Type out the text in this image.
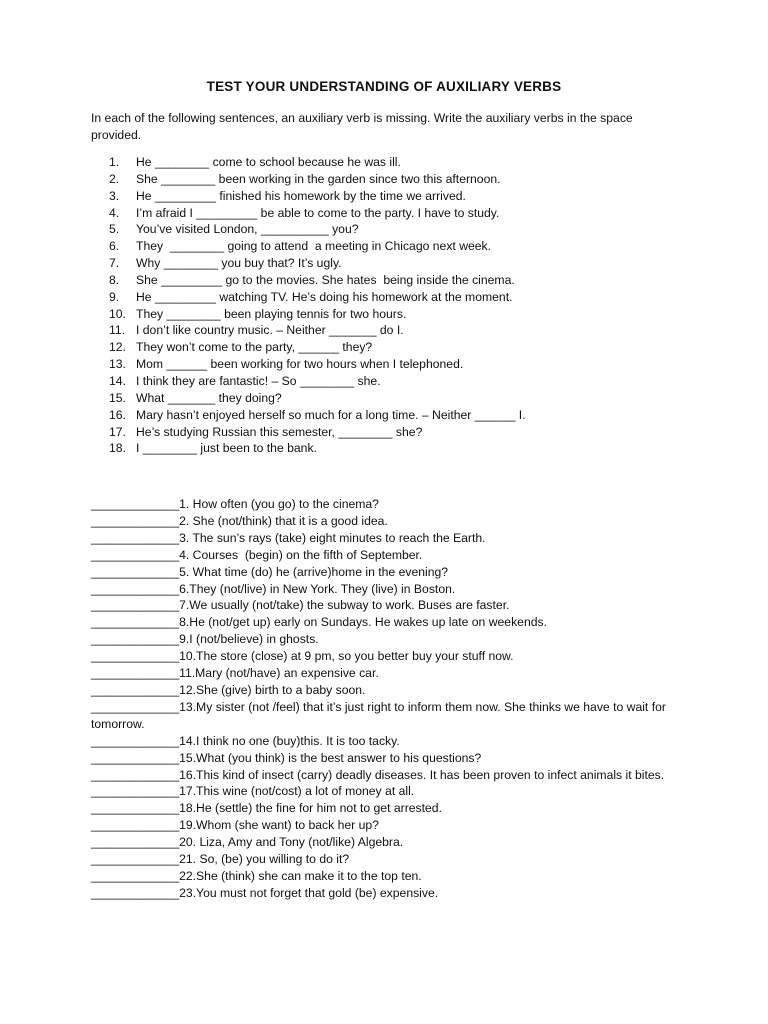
TEST YOUR UNDERSTANDING OF AUXILIARY VERBS
In each of the following sentences, an auxiliary verb is missing. Write the auxiliary verbs in the space provided.
1.	He ________ come to school because he was ill.
2.	She ________ been working in the garden since two this afternoon.
3.	He _________ finished his homework by the time we arrived.
4.	I’m afraid I _________ be able to come to the party. I have to study.
5.	You’ve visited London, __________ you?
6.	They  ________ going to attend  a meeting in Chicago next week.
7.	Why ________ you buy that? It’s ugly.
8.	She _________ go to the movies. She hates  being inside the cinema.
9.	He _________ watching TV. He’s doing his homework at the moment.
10. They ________ been playing tennis for two hours.
11. I don’t like country music. – Neither _______ do I.
12. They won’t come to the party, ______ they?
13. Mom ______ been working for two hours when I telephoned.
14. I think they are fantastic! – So ________ she.
15. What _______ they doing?
16. Mary hasn’t enjoyed herself so much for a long time. – Neither ______ I.
17. He’s studying Russian this semester, ________ she?
18. I ________ just been to the bank.
_____________1. How often (you go) to the cinema?
_____________2. She (not/think) that it is a good idea.
_____________3. The sun’s rays (take) eight minutes to reach the Earth.
_____________4. Courses  (begin) on the fifth of September.
_____________5. What time (do) he (arrive)home in the evening?
_____________6.They (not/live) in New York. They (live) in Boston.
_____________7.We usually (not/take) the subway to work. Buses are faster.
_____________8.He (not/get up) early on Sundays. He wakes up late on weekends.
_____________9.I (not/believe) in ghosts.
_____________10.The store (close) at 9 pm, so you better buy your stuff now.
_____________11.Mary (not/have) an expensive car.
_____________12.She (give) birth to a baby soon.
_____________13.My sister (not /feel) that it’s just right to inform them now. She thinks we have to wait for tomorrow.
_____________14.I think no one (buy)this. It is too tacky.
_____________15.What (you think) is the best answer to his questions?
_____________16.This kind of insect (carry) deadly diseases. It has been proven to infect animals it bites.
_____________17.This wine (not/cost) a lot of money at all.
_____________18.He (settle) the fine for him not to get arrested.
_____________19.Whom (she want) to back her up?
_____________20. Liza, Amy and Tony (not/like) Algebra.
_____________21. So, (be) you willing to do it?
_____________22.She (think) she can make it to the top ten.
_____________23.You must not forget that gold (be) expensive.
